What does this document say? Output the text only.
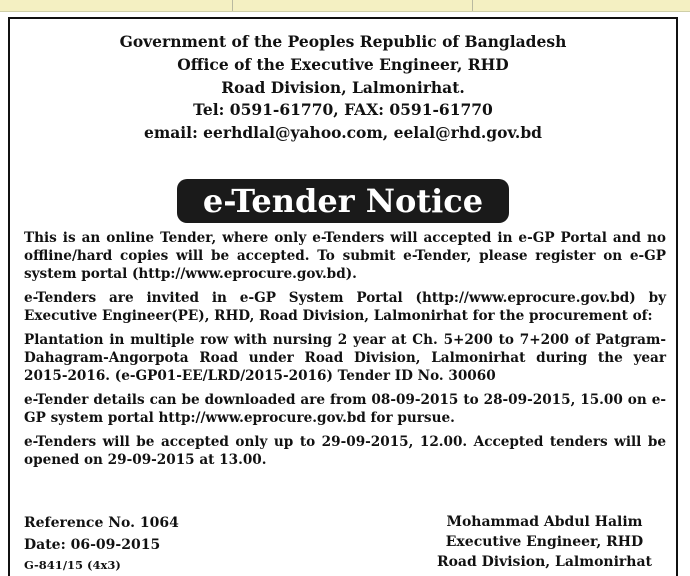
Government of the Peoples Republic of Bangladesh
Office of the Executive Engineer, RHD
Road Division, Lalmonirhat.
Tel: 0591-61770, FAX: 0591-61770
email: eerhdlal@yahoo.com, eelal@rhd.gov.bd
e-Tender Notice

This is an online Tender, where only e-Tenders will accepted in e-GP Portal and no offline/hard copies will be accepted. To submit e-Tender, please register on e-GP system portal (http://www.eprocure.gov.bd).

e-Tenders are invited in e-GP System Portal (http://www.eprocure.gov.bd) by Executive Engineer(PE), RHD, Road Division, Lalmonirhat for the procurement of:

Plantation in multiple row with nursing 2 year at Ch. 5+200 to 7+200 of Patgram-Dahagram-Angorpota Road under Road Division, Lalmonirhat during the year 2015-2016. (e-GP01-EE/LRD/2015-2016) Tender ID No. 30060

e-Tender details can be downloaded are from 08-09-2015 to 28-09-2015, 15.00 on e-GP system portal http://www.eprocure.gov.bd for pursue.

e-Tenders will be accepted only up to 29-09-2015, 12.00. Accepted tenders will be opened on 29-09-2015 at 13.00.

Reference No. 1064
Date: 06-09-2015
G-841/15 (4x3)
Mohammad Abdul Halim
Executive Engineer, RHD
Road Division, Lalmonirhat
